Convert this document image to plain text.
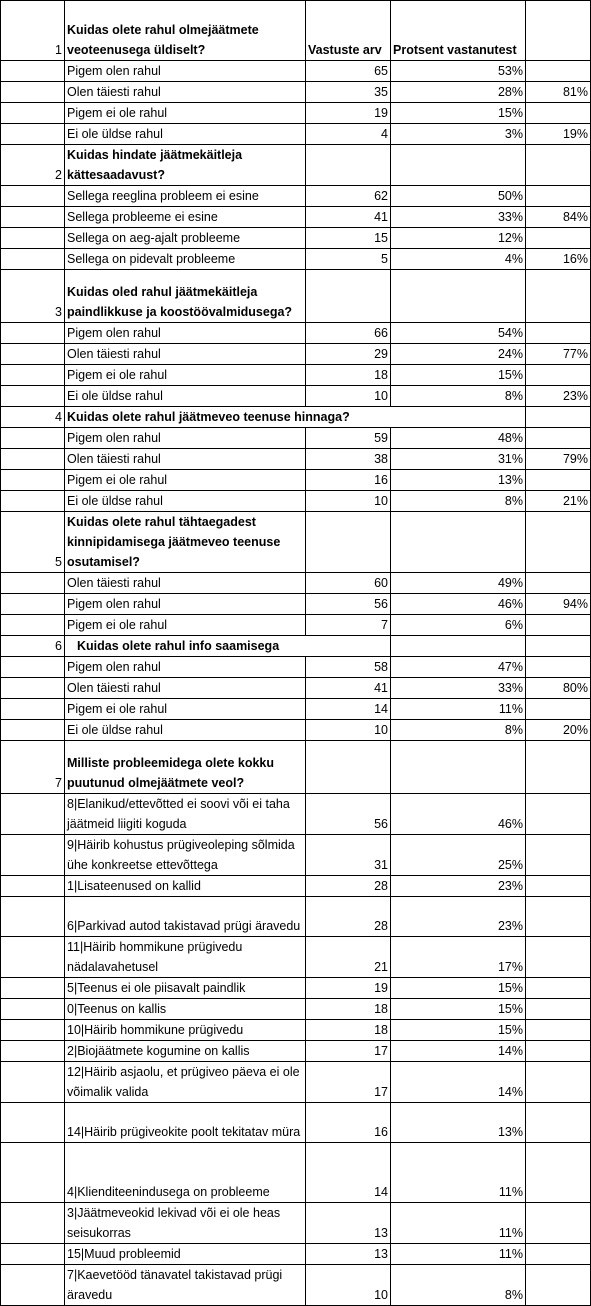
1	Kuidas olete rahul olmejäätmete veoteenusega üldiselt?	Vastuste arv	Protsent vastanutest	
	Pigem olen rahul	65	53%	
	Olen täiesti rahul	35	28%	81%
	Pigem ei ole rahul	19	15%	
	Ei ole üldse rahul	4	3%	19%
2	Kuidas hindate jäätmekäitleja kättesaadavust?			
	Sellega reeglina probleem ei esine	62	50%	
	Sellega probleeme ei esine	41	33%	84%
	Sellega on aeg-ajalt probleeme	15	12%	
	Sellega on pidevalt probleeme	5	4%	16%
3	Kuidas oled rahul jäätmekäitleja paindlikkuse ja koostöövalmidusega?			
	Pigem olen rahul	66	54%	
	Olen täiesti rahul	29	24%	77%
	Pigem ei ole rahul	18	15%	
	Ei ole üldse rahul	10	8%	23%
4	Kuidas olete rahul jäätmeveo teenuse hinnaga?			
	Pigem olen rahul	59	48%	
	Olen täiesti rahul	38	31%	79%
	Pigem ei ole rahul	16	13%	
	Ei ole üldse rahul	10	8%	21%
5	Kuidas olete rahul tähtaegadest kinnipidamisega jäätmeveo teenuse osutamisel?			
	Olen täiesti rahul	60	49%	
	Pigem olen rahul	56	46%	94%
	Pigem ei ole rahul	7	6%	
6	Kuidas olete rahul info saamisega			
	Pigem olen rahul	58	47%	
	Olen täiesti rahul	41	33%	80%
	Pigem ei ole rahul	14	11%	
	Ei ole üldse rahul	10	8%	20%
7	Milliste probleemidega olete kokku puutunud olmejäätmete veol?			
	8|Elanikud/ettevõtted ei soovi või ei taha jäätmeid liigiti koguda	56	46%	
	9|Häirib kohustus prügiveoleping sõlmida ühe konkreetse ettevõttega	31	25%	
	1|Lisateenused on kallid	28	23%	
	6|Parkivad autod takistavad prügi äravedu	28	23%	
	11|Häirib hommikune prügivedu nädalavahetusel	21	17%	
	5|Teenus ei ole piisavalt paindlik	19	15%	
	0|Teenus on kallis	18	15%	
	10|Häirib hommikune prügivedu	18	15%	
	2|Biojäätmete kogumine on kallis	17	14%	
	12|Häirib asjaolu, et prügiveo päeva ei ole võimalik valida	17	14%	
	14|Häirib prügiveokite poolt tekitatav müra	16	13%	
	4|Klienditeenindusega on probleeme	14	11%	
	3|Jäätmeveokid lekivad või ei ole heas seisukorras	13	11%	
	15|Muud probleemid	13	11%	
	7|Kaevetööd tänavatel takistavad prügi äravedu	10	8%	
